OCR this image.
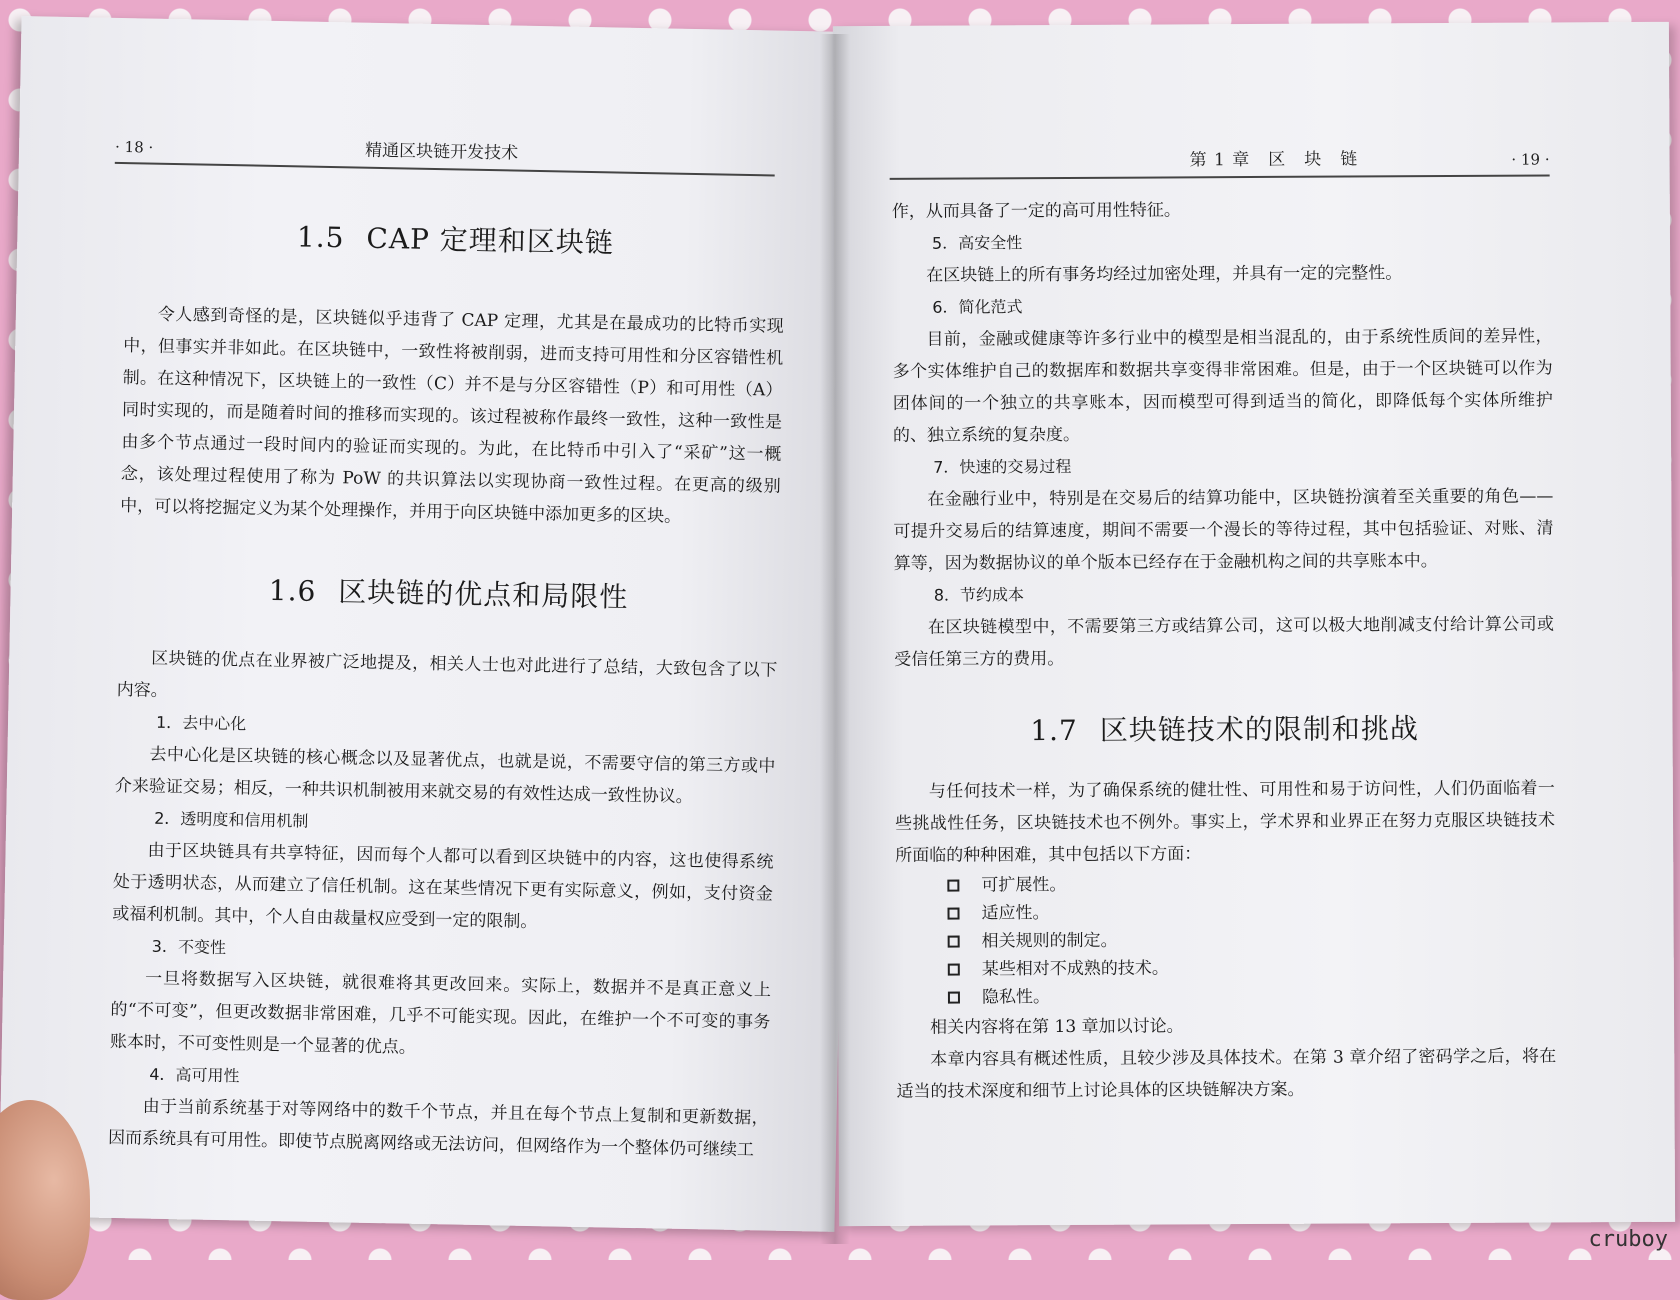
· 18 ·	精通区块链开发技术
1.5 CAP 定理和区块链

令人感到奇怪的是，区块链似乎违背了 CAP 定理，尤其是在最成功的比特币实现中，但事实并非如此。在区块链中，一致性将被削弱，进而支持可用性和分区容错性机制。在这种情况下，区块链上的一致性（C）并不是与分区容错性（P）和可用性（A）同时实现的，而是随着时间的推移而实现的。该过程被称作最终一致性，这种一致性是由多个节点通过一段时间内的验证而实现的。为此，在比特币中引入了“采矿”这一概念，该处理过程使用了称为 PoW 的共识算法以实现协商一致性过程。在更高的级别中，可以将挖掘定义为某个处理操作，并用于向区块链中添加更多的区块。

1.6 区块链的优点和局限性

区块链的优点在业界被广泛地提及，相关人士也对此进行了总结，大致包含了以下内容。

1．去中心化

去中心化是区块链的核心概念以及显著优点，也就是说，不需要守信的第三方或中介来验证交易；相反，一种共识机制被用来就交易的有效性达成一致性协议。

2．透明度和信用机制

由于区块链具有共享特征，因而每个人都可以看到区块链中的内容，这也使得系统处于透明状态，从而建立了信任机制。这在某些情况下更有实际意义，例如，支付资金或福利机制。其中，个人自由裁量权应受到一定的限制。

3．不变性

一旦将数据写入区块链，就很难将其更改回来。实际上，数据并不是真正意义上的“不可变”，但更改数据非常困难，几乎不可能实现。因此，在维护一个不可变的事务账本时，不可变性则是一个显著的优点。

4．高可用性

由于当前系统基于对等网络中的数千个节点，并且在每个节点上复制和更新数据，因而系统具有可用性。即使节点脱离网络或无法访问，但网络作为一个整体仍可继续工

第 1 章　区　块　链	· 19 ·

作，从而具备了一定的高可用性特征。

5．高安全性

在区块链上的所有事务均经过加密处理，并具有一定的完整性。

6．简化范式

目前，金融或健康等许多行业中的模型是相当混乱的，由于系统性质间的差异性，多个实体维护自己的数据库和数据共享变得非常困难。但是，由于一个区块链可以作为团体间的一个独立的共享账本，因而模型可得到适当的简化，即降低每个实体所维护的、独立系统的复杂度。

7．快速的交易过程

在金融行业中，特别是在交易后的结算功能中，区块链扮演着至关重要的角色——可提升交易后的结算速度，期间不需要一个漫长的等待过程，其中包括验证、对账、清算等，因为数据协议的单个版本已经存在于金融机构之间的共享账本中。

8．节约成本

在区块链模型中，不需要第三方或结算公司，这可以极大地削减支付给计算公司或受信任第三方的费用。

1.7 区块链技术的限制和挑战

与任何技术一样，为了确保系统的健壮性、可用性和易于访问性，人们仍面临着一些挑战性任务，区块链技术也不例外。事实上，学术界和业界正在努力克服区块链技术所面临的种种困难，其中包括以下方面：

可扩展性。
适应性。
相关规则的制定。
某些相对不成熟的技术。
隐私性。

相关内容将在第 13 章加以讨论。

本章内容具有概述性质，且较少涉及具体技术。在第 3 章介绍了密码学之后，将在适当的技术深度和细节上讨论具体的区块链解决方案。

cruboy
